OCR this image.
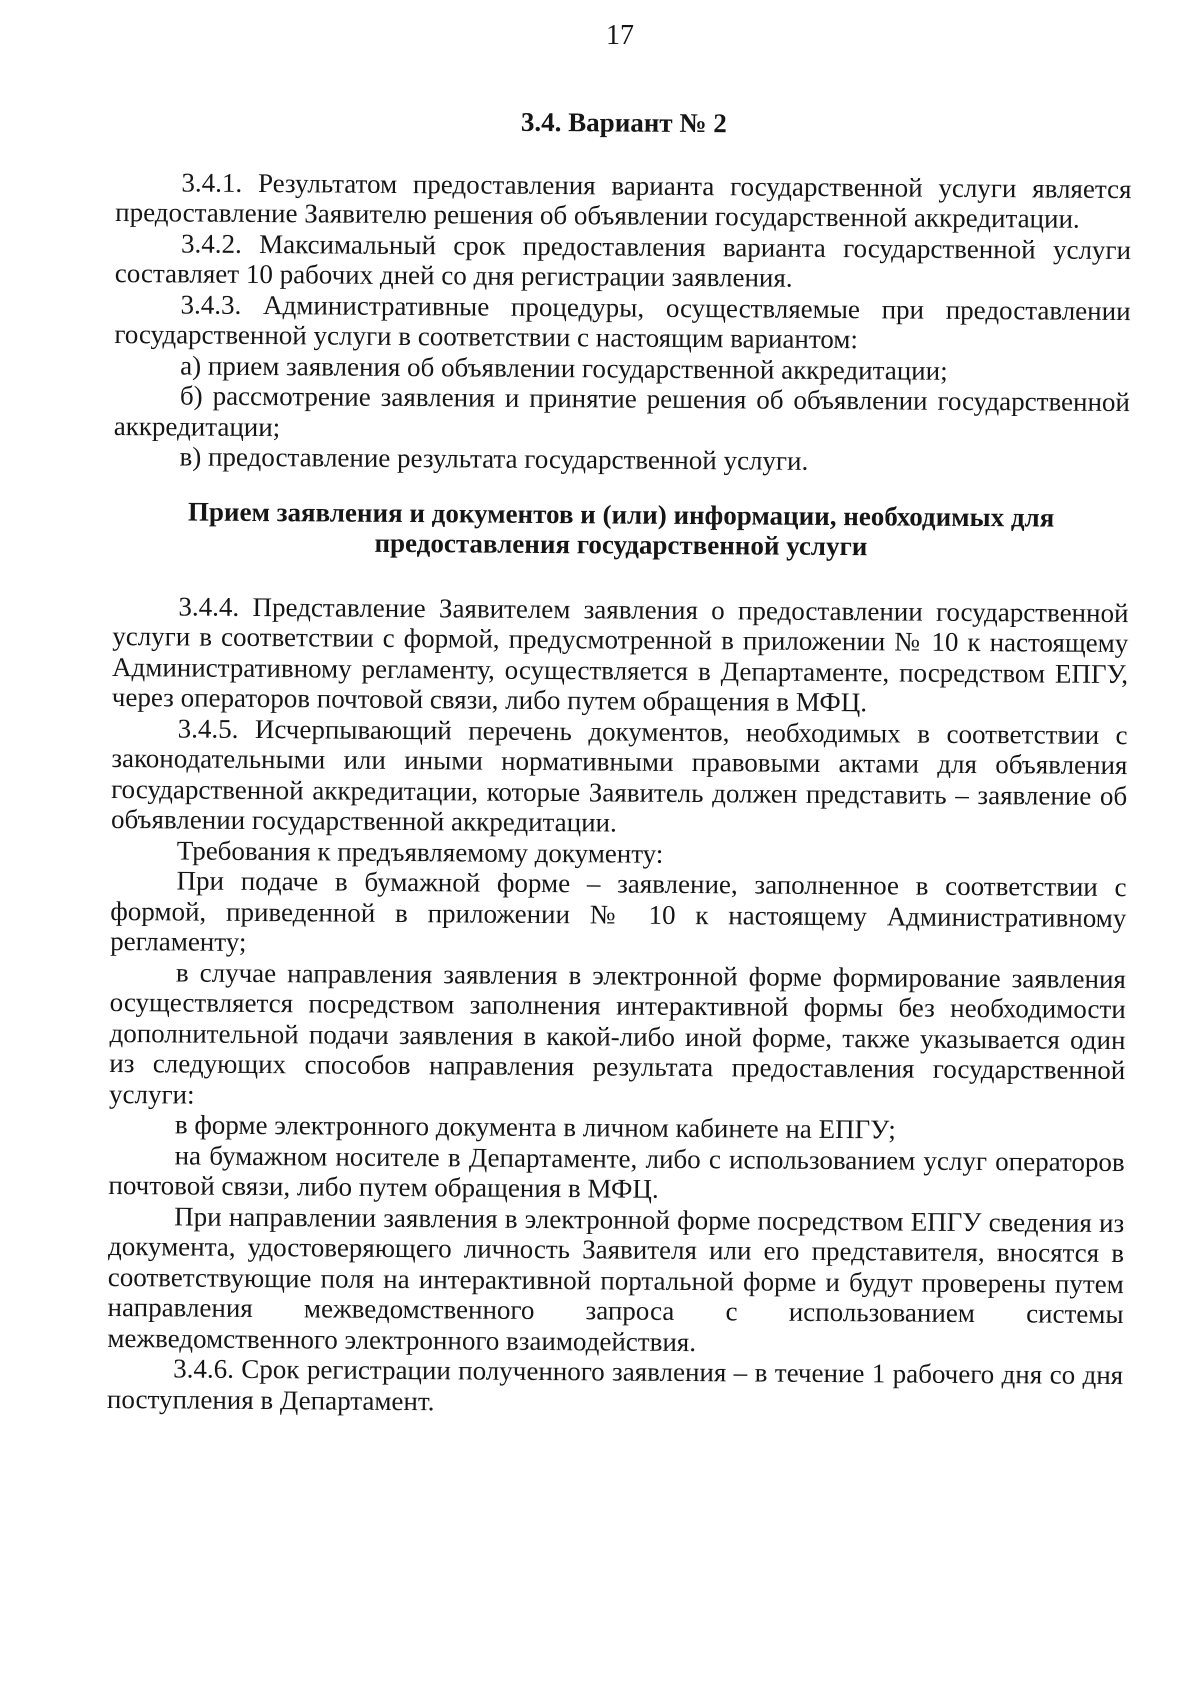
17
3.4. Вариант № 2

3.4.1. Результатом предоставления варианта государственной услуги является предоставление Заявителю решения об объявлении государственной аккредитации.

3.4.2. Максимальный срок предоставления варианта государственной услуги составляет 10 рабочих дней со дня регистрации заявления.

3.4.3. Административные процедуры, осуществляемые при предоставлении государственной услуги в соответствии с настоящим вариантом:

а) прием заявления об объявлении государственной аккредитации;

б) рассмотрение заявления и принятие решения об объявлении государственной аккредитации;

в) предоставление результата государственной услуги.

Прием заявления и документов и (или) информации, необходимых для предоставления государственной услуги

3.4.4. Представление Заявителем заявления о предоставлении государственной услуги в соответствии с формой, предусмотренной в приложении № 10 к настоящему Административному регламенту, осуществляется в Департаменте, посредством ЕПГУ, через операторов почтовой связи, либо путем обращения в МФЦ.

3.4.5. Исчерпывающий перечень документов, необходимых в соответствии с законодательными или иными нормативными правовыми актами для объявления государственной аккредитации, которые Заявитель должен представить – заявление об объявлении государственной аккредитации.

Требования к предъявляемому документу:

При подаче в бумажной форме – заявление, заполненное в соответствии с формой, приведенной в приложении № 10 к настоящему Административному регламенту;

в случае направления заявления в электронной форме формирование заявления осуществляется посредством заполнения интерактивной формы без необходимости дополнительной подачи заявления в какой-либо иной форме, также указывается один из следующих способов направления результата предоставления государственной услуги:

в форме электронного документа в личном кабинете на ЕПГУ;

на бумажном носителе в Департаменте, либо с использованием услуг операторов почтовой связи, либо путем обращения в МФЦ.

При направлении заявления в электронной форме посредством ЕПГУ сведения из документа, удостоверяющего личность Заявителя или его представителя, вносятся в соответствующие поля на интерактивной портальной форме и будут проверены путем направления межведомственного запроса с использованием системы межведомственного электронного взаимодействия.

3.4.6. Срок регистрации полученного заявления – в течение 1 рабочего дня со дня поступления в Департамент.
